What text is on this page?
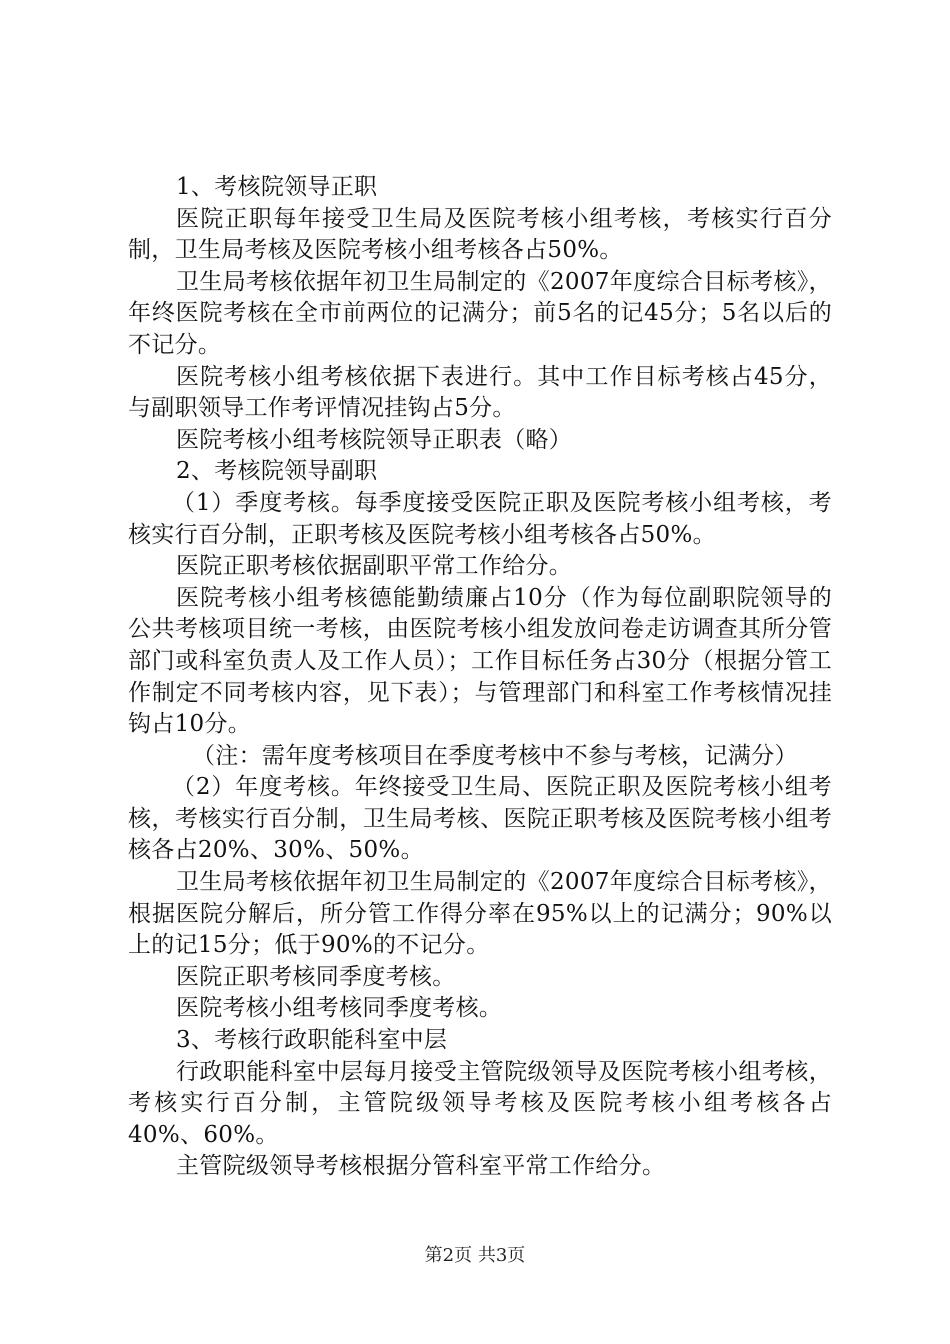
1、考核院领导正职

医院正职每年接受卫生局及医院考核小组考核，考核实行百分制，卫生局考核及医院考核小组考核各占50%。

卫生局考核依据年初卫生局制定的《2007年度综合目标考核》，年终医院考核在全市前两位的记满分；前5名的记45分；5名以后的不记分。

医院考核小组考核依据下表进行。其中工作目标考核占45分，与副职领导工作考评情况挂钩占5分。

医院考核小组考核院领导正职表（略）

2、考核院领导副职

（1）季度考核。每季度接受医院正职及医院考核小组考核，考核实行百分制，正职考核及医院考核小组考核各占50%。

医院正职考核依据副职平常工作给分。

医院考核小组考核德能勤绩廉占10分（作为每位副职院领导的公共考核项目统一考核，由医院考核小组发放问卷走访调查其所分管部门或科室负责人及工作人员）；工作目标任务占30分（根据分管工作制定不同考核内容，见下表）；与管理部门和科室工作考核情况挂钩占10分。

（注：需年度考核项目在季度考核中不参与考核，记满分）

（2）年度考核。年终接受卫生局、医院正职及医院考核小组考核，考核实行百分制，卫生局考核、医院正职考核及医院考核小组考核各占20%、30%、50%。

卫生局考核依据年初卫生局制定的《2007年度综合目标考核》，根据医院分解后，所分管工作得分率在95%以上的记满分；90%以上的记15分；低于90%的不记分。

医院正职考核同季度考核。

医院考核小组考核同季度考核。

3、考核行政职能科室中层

行政职能科室中层每月接受主管院级领导及医院考核小组考核，考核实行百分制，主管院级领导考核及医院考核小组考核各占40%、60%。

主管院级领导考核根据分管科室平常工作给分。

第2页 共3页
